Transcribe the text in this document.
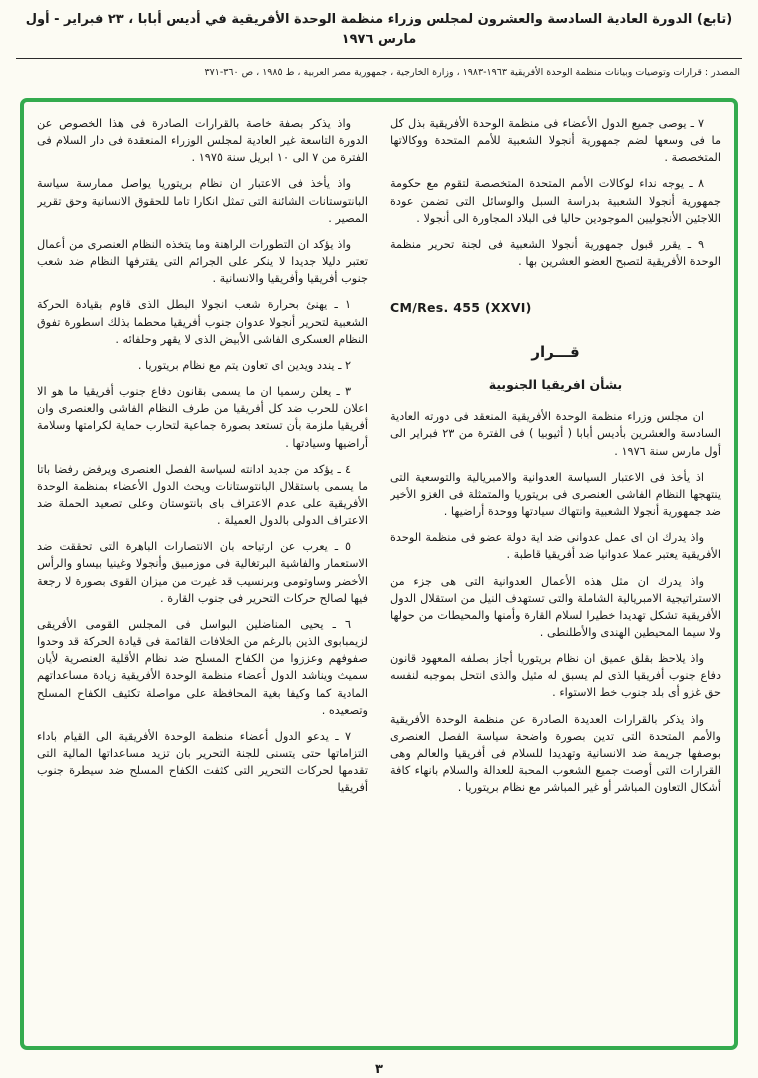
(تابع) الدورة العادية السادسة والعشرون لمجلس وزراء منظمة الوحدة الأفريقية في أديس أبابا ، ٢٣ فبراير - أول مارس ١٩٧٦
المصدر : قرارات وتوصيات وبيانات منظمة الوحدة الأفريقية ١٩٦٣-١٩٨٣ ، وزارة الخارجية ، جمهورية مصر العربية ، ط ١٩٨٥ ، ص ٣٦٠-٣٧١

٧ ـ يوصى جميع الدول الأعضاء فى منظمة الوحدة الأفريقية بذل كل ما فى وسعها لضم جمهورية أنجولا الشعبية للأمم المتحدة ووكالاتها المتخصصة .

٨ ـ يوجه نداء لوكالات الأمم المتحدة المتخصصة لتقوم مع حكومة جمهورية أنجولا الشعبية بدراسة السبل والوسائل التى تضمن عودة اللاجئين الأنجوليين الموجودين حاليا فى البلاد المجاورة الى أنجولا .

٩ ـ يقرر قبول جمهورية أنجولا الشعبية فى لجنة تحرير منظمة الوحدة الأفريقية لتصبح العضو العشرين بها .

CM/Res. 455 (XXVI)
قـــرار
بشأن افريقيا الجنوبية

ان مجلس وزراء منظمة الوحدة الأفريقية المنعقد فى دورته العادية السادسة والعشرين بأديس أبابا ( أثيوبيا ) فى الفترة من ٢٣ فبراير الى أول مارس سنة ١٩٧٦ .

اذ يأخذ فى الاعتبار السياسة العدوانية والامبريالية والتوسعية التى ينتهجها النظام الفاشى العنصرى فى بريتوريا والمتمثلة فى الغزو الأخير ضد جمهورية أنجولا الشعبية وانتهاك سيادتها ووحدة أراضيها .

واذ يدرك ان اى عمل عدوانى ضد اية دولة عضو فى منظمة الوحدة الأفريقية يعتبر عملا عدوانيا ضد أفريقيا قاطبة .

واذ يدرك ان مثل هذه الأعمال العدوانية التى هى جزء من الاستراتيجية الامبريالية الشاملة والتى تستهدف النيل من استقلال الدول الأفريقية تشكل تهديدا خطيرا لسلام القارة وأمنها والمحيطات من حولها ولا سيما المحيطين الهندى والأطلنطى .

واذ يلاحظ بقلق عميق ان نظام بريتوريا أجاز بصلفه المعهود قانون دفاع جنوب أفريقيا الذى لم يسبق له مثيل والذى انتحل بموجبه لنفسه حق غزو أى بلد جنوب خط الاستواء .

واذ يذكر بالقرارات العديدة الصادرة عن منظمة الوحدة الأفريقية والأمم المتحدة التى تدين بصورة واضحة سياسة الفصل العنصرى بوصفها جريمة ضد الانسانية وتهديدا للسلام فى أفريقيا والعالم وهى القرارات التى أوصت جميع الشعوب المحبة للعدالة والسلام بانهاء كافة أشكال التعاون المباشر أو غير المباشر مع نظام بريتوريا .

واذ يذكر بصفة خاصة بالقرارات الصادرة فى هذا الخصوص عن الدورة التاسعة غير العادية لمجلس الوزراء المنعقدة فى دار السلام فى الفترة من ٧ الى ١٠ ابريل سنة ١٩٧٥ .

واذ يأخذ فى الاعتبار ان نظام بريتوريا يواصل ممارسة سياسة البانتوستانات الشائنة التى تمثل انكارا تاما للحقوق الانسانية وحق تقرير المصير .

واذ يؤكد ان التطورات الراهنة وما يتخذه النظام العنصرى من أعمال تعتبر دليلا جديدا لا ينكر على الجرائم التى يقترفها النظام ضد شعب جنوب أفريقيا وأفريقيا والانسانية .

١ ـ يهنئ بحرارة شعب انجولا البطل الذى قاوم بقيادة الحركة الشعبية لتحرير أنجولا عدوان جنوب أفريقيا محطما بذلك اسطورة تفوق النظام العسكرى الفاشى الأبيض الذى لا يقهر وحلفائه .

٢ ـ يندد ويدين اى تعاون يتم مع نظام بريتوريا .

٣ ـ يعلن رسميا ان ما يسمى بقانون دفاع جنوب أفريقيا ما هو الا اعلان للحرب ضد كل أفريقيا من طرف النظام الفاشى والعنصرى وان أفريقيا ملزمة بأن تستعد بصورة جماعية لتحارب حماية لكرامتها وسلامة أراضيها وسيادتها .

٤ ـ يؤكد من جديد ادانته لسياسة الفصل العنصرى ويرفض رفضا باتا ما يسمى باستقلال البانتوستانات ويحث الدول الأعضاء بمنظمة الوحدة الأفريقية على عدم الاعتراف باى بانتوستان وعلى تصعيد الحملة ضد الاعتراف الدولى بالدول العميلة .

٥ ـ يعرب عن ارتياحه بان الانتصارات الباهرة التى تحققت ضد الاستعمار والفاشية البرتغالية فى موزمبيق وأنجولا وغينيا بيساو والرأس الأخضر وساوتومى وبرنسيب قد غيرت من ميزان القوى بصورة لا رجعة فيها لصالح حركات التحرير فى جنوب القارة .

٦ ـ يحيى المناضلين البواسل فى المجلس القومى الأفريقى لزيمبابوى الذين بالرغم من الخلافات القائمة فى قيادة الحركة قد وحدوا صفوفهم وعززوا من الكفاح المسلح ضد نظام الأقلية العنصرية لأيان سميث ويناشد الدول أعضاء منظمة الوحدة الأفريقية زيادة مساعداتهم المادية كما وكيفا بغية المحافظة على مواصلة تكثيف الكفاح المسلح وتصعيده .

٧ ـ يدعو الدول أعضاء منظمة الوحدة الأفريقية الى القيام باداء التزاماتها حتى يتسنى للجنة التحرير بان تزيد مساعداتها المالية التى تقدمها لحركات التحرير التى كثفت الكفاح المسلح ضد سيطرة جنوب أفريقيا

٣
